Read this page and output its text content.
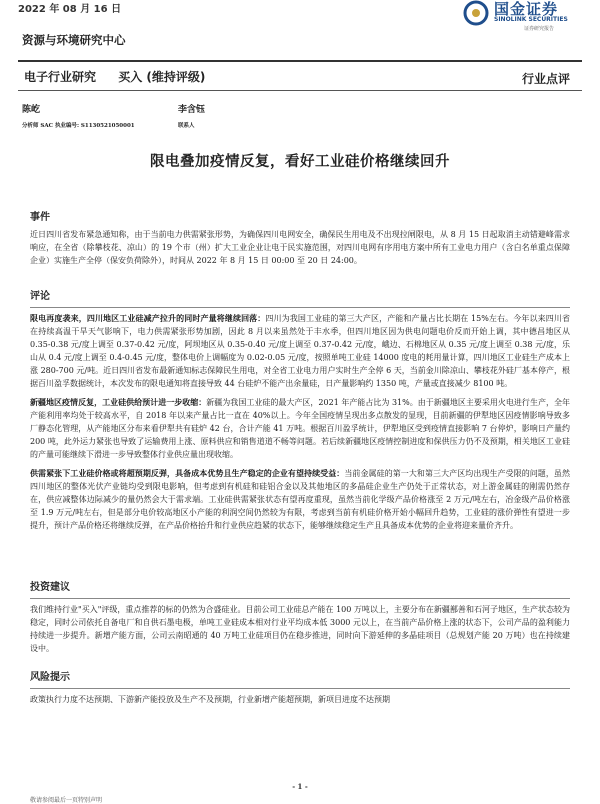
2022 年 08 月 16 日	国金证券
SINOLINK SECURITIES
证券研究报告
资源与环境研究中心
电子行业研究 买入 (维持评级)	行业点评
陈屹
分析师 SAC 执业编号: S1130521050001
李含钰
联系人
限电叠加疫情反复，看好工业硅价格继续回升
事件
近日四川省发布紧急通知称，由于当前电力供需紧张形势，为确保四川电网安全，确保民生用电及不出现拉闸限电，从 8 月 15 日起取消主动错避峰需求响应，在全省（除攀枝花、凉山）的 19 个市（州）扩大工业企业让电于民实施范围，对四川电网有序用电方案中所有工业电力用户（含白名单重点保障企业）实施生产全停（保安负荷除外），时间从 2022 年 8 月 15 日 00:00 至 20 日 24:00。
评论

限电再度袭来，四川地区工业硅减产拉升的同时产量将继续回落：四川为我国工业硅的第三大产区，产能和产量占比长期在 15%左右。今年以来四川省在持续高温干旱天气影响下，电力供需紧张形势加剧，因此 8 月以来虽然处于丰水季，但四川地区因为供电问题电价反而开始上调，其中德昌地区从 0.35-0.38 元/度上调至 0.37-0.42 元/度，阿坝地区从 0.35-0.40 元/度上调至 0.37-0.42 元/度，峨边、石棉地区从 0.35 元/度上调至 0.38 元/度，乐山从 0.4 元/度上调至 0.4-0.45 元/度，整体电价上调幅度为 0.02-0.05 元/度，按照单吨工业硅 14000 度电的耗用量计算，四川地区工业硅生产成本上涨 280-700 元/吨。近日四川省发布最新通知标志保障民生用电，对全省工业电力用户实时生产全停 6 天，当前金川除凉山、攀枝花外硅厂基本停产，根据百川盈孚数据统计，本次发布的限电通知将直接导致 44 台硅炉不能产出余量硅，日产量影响约 1350 吨，产量或直接减少 8100 吨。

新疆地区疫情反复，工业硅供给预计进一步收缩：新疆为我国工业硅的最大产区，2021 年产能占比为 31%。由于新疆地区主要采用火电进行生产，全年产能利用率均处于较高水平，自 2018 年以来产量占比一直在 40%以上。今年全国疫情呈现出多点散发的显现，目前新疆的伊犁地区因疫情影响导致多厂静态化管理，从产能地区分布来看伊犁共有硅炉 42 台，合计产能 41 万吨。根据百川盈孚统计，伊犁地区受到疫情直接影响 7 台停炉，影响日产量约 200 吨，此外运力紧张也导致了运输费用上涨、原料供应和销售道道不畅等问题。若后续新疆地区疫情控制进度和保供压力仍不及预期，相关地区工业硅的产量可能继续下滑进一步导致整体行业供应量出现收缩。

供需紧张下工业硅价格或将超预期反弹，具备成本优势且生产稳定的企业有望持续受益：当前金属硅的第一大和第三大产区均出现生产受限的问题，虽然四川地区的整体光伏产业链均受到限电影响，但考虑到有机硅和硅铝合金以及其他地区的多晶硅企业生产仍处于正常状态，对上游金属硅的刚需仍然存在，供应减整体边际减少的量仍然会大于需求端。工业硅供需紧张状态有望再度重现，虽然当前化学级产品价格涨至 2 万元/吨左右，冶金级产品价格涨至 1.9 万元/吨左右，但是部分电价较高地区小产能的利润空间仍然较为有限，考虑到当前有机硅价格开始小幅回升趋势，工业硅的涨价弹性有望进一步提升，预计产品价格还将继续反弹，在产品价格抬升和行业供应趋紧的状态下，能够继续稳定生产且具备成本优势的企业将迎来量价齐升。

投资建议
我们维持行业"买入"评级，重点推荐的标的仍然为合盛硅业。目前公司工业硅总产能在 100 万吨以上，主要分布在新疆鄯善和石河子地区，生产状态较为稳定，同时公司依托自备电厂和自供石墨电极，单吨工业硅成本相对行业平均成本低 3000 元以上，在当前产品价格上涨的状态下，公司产品的盈利能力持续进一步提升。新增产能方面，公司云南昭通的 40 万吨工业硅项目仍在稳步推进，同时向下游延伸的多晶硅项目（总规划产能 20 万吨）也在持续建设中。
风险提示
政策执行力度不达预期、下游新产能投放及生产不及预期，行业新增产能超预期，新项目进度不达预期
- 1 -
敬请参阅最后一页特别声明
